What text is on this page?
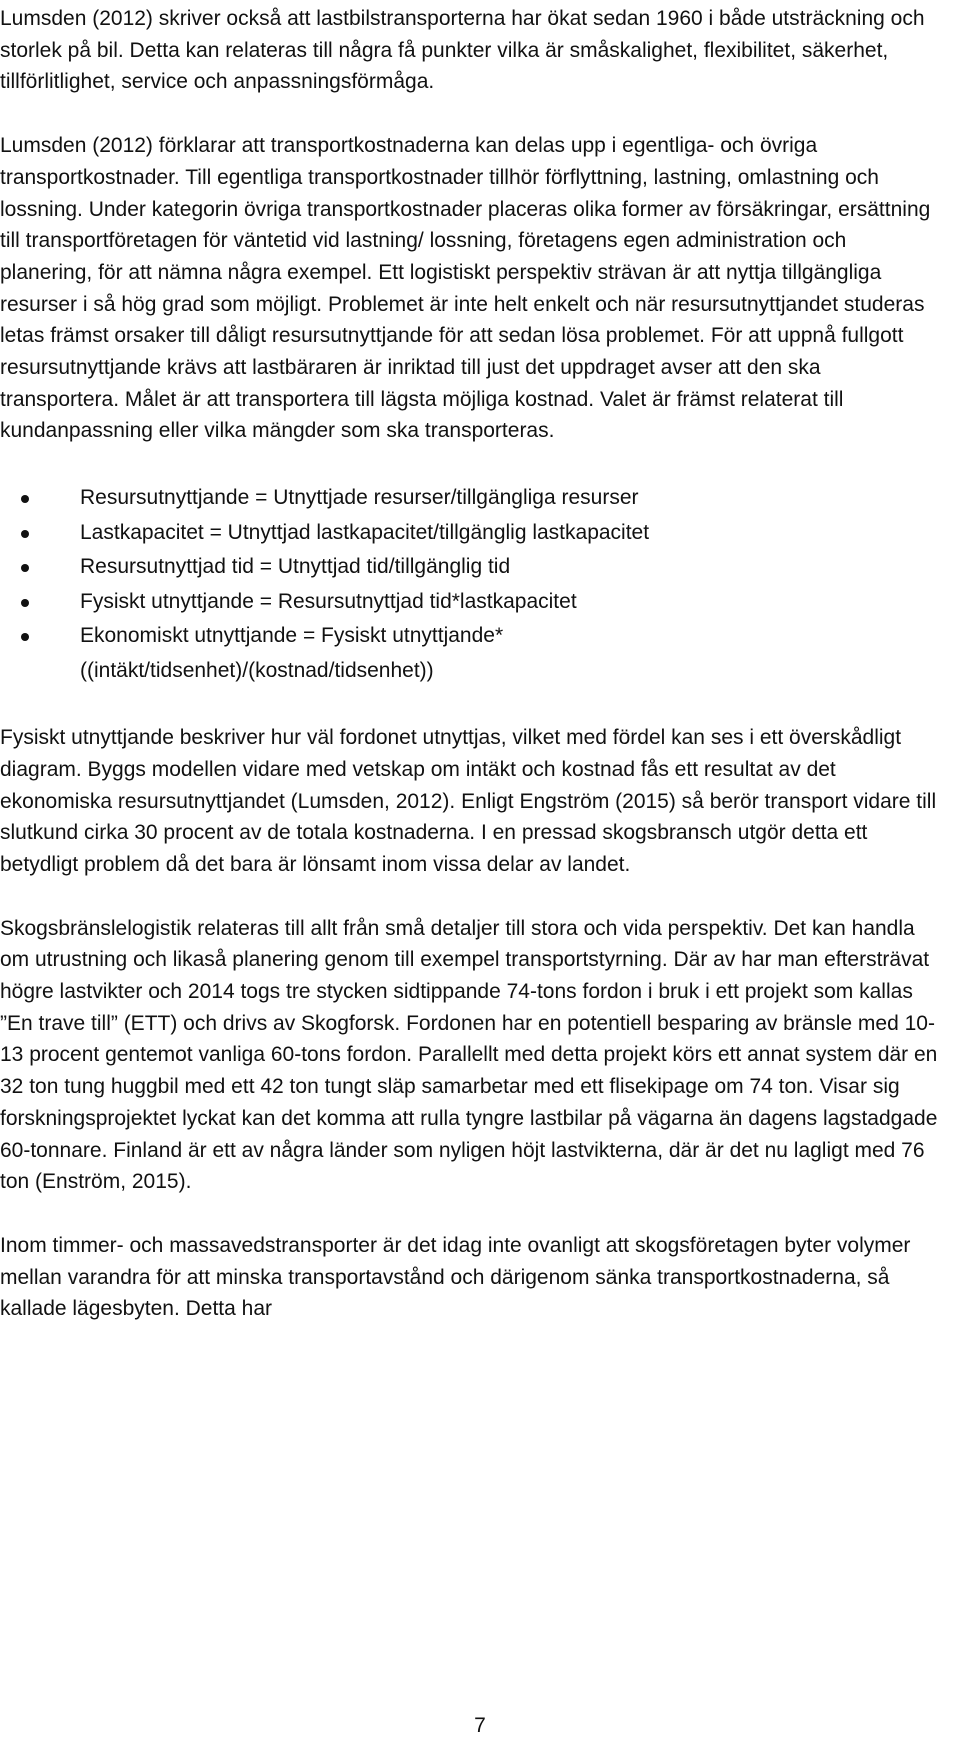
Lumsden (2012) skriver också att lastbilstransporterna har ökat sedan 1960 i både utsträckning och storlek på bil. Detta kan relateras till några få punkter vilka är småskalighet, flexibilitet, säkerhet, tillförlitlighet, service och anpassningsförmåga.

Lumsden (2012) förklarar att transportkostnaderna kan delas upp i egentliga- och övriga transportkostnader. Till egentliga transportkostnader tillhör förflyttning, lastning, omlastning och lossning. Under kategorin övriga transportkostnader placeras olika former av försäkringar, ersättning till transportföretagen för väntetid vid lastning/ lossning, företagens egen administration och planering, för att nämna några exempel. Ett logistiskt perspektiv strävan är att nyttja tillgängliga resurser i så hög grad som möjligt. Problemet är inte helt enkelt och när resursutnyttjandet studeras letas främst orsaker till dåligt resursutnyttjande för att sedan lösa problemet. För att uppnå fullgott resursutnyttjande krävs att lastbäraren är inriktad till just det uppdraget avser att den ska transportera. Målet är att transportera till lägsta möjliga kostnad. Valet är främst relaterat till kundanpassning eller vilka mängder som ska transporteras.

Resursutnyttjande = Utnyttjade resurser/tillgängliga resurser
Lastkapacitet = Utnyttjad lastkapacitet/tillgänglig lastkapacitet
Resursutnyttjad tid = Utnyttjad tid/tillgänglig tid
Fysiskt utnyttjande = Resursutnyttjad tid*lastkapacitet
Ekonomiskt utnyttjande = Fysiskt utnyttjande*((intäkt/tidsenhet)/(kostnad/tidsenhet))

Fysiskt utnyttjande beskriver hur väl fordonet utnyttjas, vilket med fördel kan ses i ett överskådligt diagram. Byggs modellen vidare med vetskap om intäkt och kostnad fås ett resultat av det ekonomiska resursutnyttjandet (Lumsden, 2012). Enligt Engström (2015) så berör transport vidare till slutkund cirka 30 procent av de totala kostnaderna. I en pressad skogsbransch utgör detta ett betydligt problem då det bara är lönsamt inom vissa delar av landet.

Skogsbränslelogistik relateras till allt från små detaljer till stora och vida perspektiv. Det kan handla om utrustning och likaså planering genom till exempel transportstyrning. Där av har man eftersträvat högre lastvikter och 2014 togs tre stycken sidtippande 74-tons fordon i bruk i ett projekt som kallas ”En trave till” (ETT) och drivs av Skogforsk. Fordonen har en potentiell besparing av bränsle med 10-13 procent gentemot vanliga 60-tons fordon. Parallellt med detta projekt körs ett annat system där en 32 ton tung huggbil med ett 42 ton tungt släp samarbetar med ett flisekipage om 74 ton. Visar sig forskningsprojektet lyckat kan det komma att rulla tyngre lastbilar på vägarna än dagens lagstadgade 60-tonnare. Finland är ett av några länder som nyligen höjt lastvikterna, där är det nu lagligt med 76 ton (Enström, 2015).

Inom timmer- och massavedstransporter är det idag inte ovanligt att skogsföretagen byter volymer mellan varandra för att minska transportavstånd och därigenom sänka transportkostnaderna, så kallade lägesbyten. Detta har

7
